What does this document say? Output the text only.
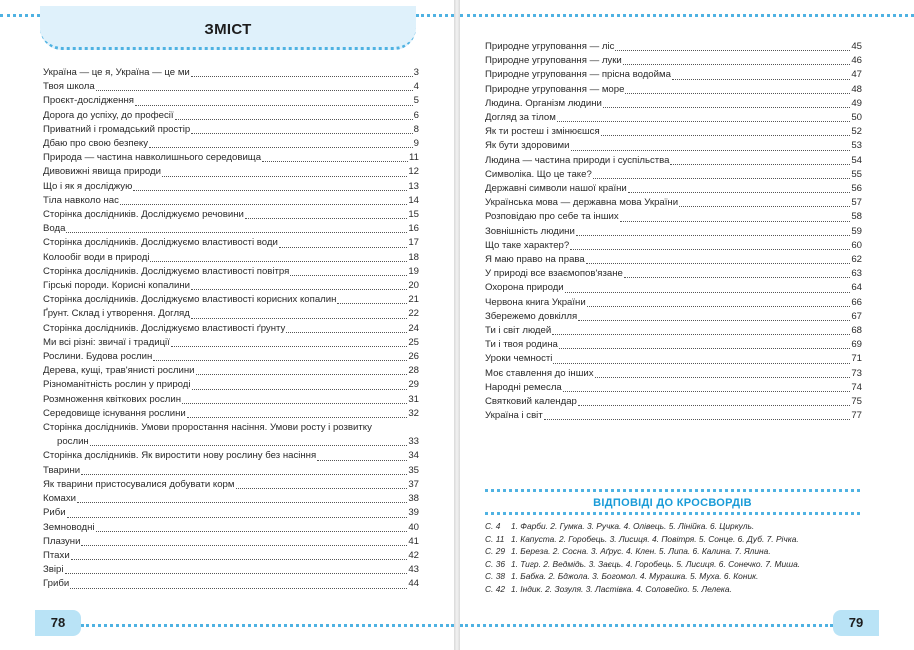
ЗМІСТ
Україна — це я, Україна — це ми	3
Твоя школа	4
Проєкт-дослідження	5
Дорога до успіху, до професії	6
Приватний і громадський простір	8
Дбаю про свою безпеку	9
Природа — частина навколишнього середовища	11
Дивовижні явища природи	12
Що і як я досліджую	13
Тіла навколо нас	14
Сторінка дослідників. Досліджуємо речовини	15
Вода	16
Сторінка дослідників. Досліджуємо властивості води	17
Колообіг води в природі	18
Сторінка дослідників. Досліджуємо властивості повітря	19
Гірські породи. Корисні копалини	20
Сторінка дослідників. Досліджуємо властивості корисних копалин	21
Ґрунт. Склад і утворення. Догляд	22
Сторінка дослідників. Досліджуємо властивості ґрунту	24
Ми всі різні: звичаї і традиції	25
Рослини. Будова рослин	26
Дерева, кущі, трав'янисті рослини	28
Різноманітність рослин у природі	29
Розмноження квіткових рослин	31
Середовище існування рослини	32
Сторінка дослідників. Умови проростання насіння. Умови росту і розвитку
рослин	33
Сторінка дослідників. Як виростити нову рослину без насіння	34
Тварини	35
Як тварини пристосувалися добувати корм	37
Комахи	38
Риби	39
Земноводні	40
Плазуни	41
Птахи	42
Звірі	43
Гриби	44
78
Природне угруповання — ліс	45
Природне угруповання — луки	46
Природне угруповання — прісна водойма	47
Природне угруповання — море	48
Людина. Організм людини	49
Догляд за тілом	50
Як ти ростеш і змінюєшся	52
Як бути здоровими	53
Людина — частина природи і суспільства	54
Символіка. Що це таке?	55
Державні символи нашої країни	56
Українська мова — державна мова України	57
Розповідаю про себе та інших	58
Зовнішність людини	59
Що таке характер?	60
Я маю право на права	62
У природі все взаємопов'язане	63
Охорона природи	64
Червона книга України	66
Збережемо довкілля	67
Ти і світ людей	68
Ти і твоя родина	69
Уроки чемності	71
Моє ставлення до інших	73
Народні ремесла	74
Святковий календар	75
Україна і світ	77
ВІДПОВІДІ ДО КРОСВОРДІВ
С. 4	1. Фарби. 2. Гумка. 3. Ручка. 4. Олівець. 5. Лінійка. 6. Циркуль.
С. 11 1. Капуста. 2. Горобець. 3. Лисиця. 4. Повітря. 5. Сонце. 6. Дуб. 7. Річка.
С. 29 1. Береза. 2. Сосна. 3. Аґрус. 4. Клен. 5. Липа. 6. Калина. 7. Ялина.
С. 36 1. Тигр. 2. Ведмідь. 3. Заєць. 4. Горобець. 5. Лисиця. 6. Сонечко. 7. Миша.
С. 38 1. Бабка. 2. Бджола. 3. Богомол. 4. Мурашка. 5. Муха. 6. Коник.
С. 42 1. Індик. 2. Зозуля. 3. Ластівка. 4. Соловейко. 5. Лелека.
79
